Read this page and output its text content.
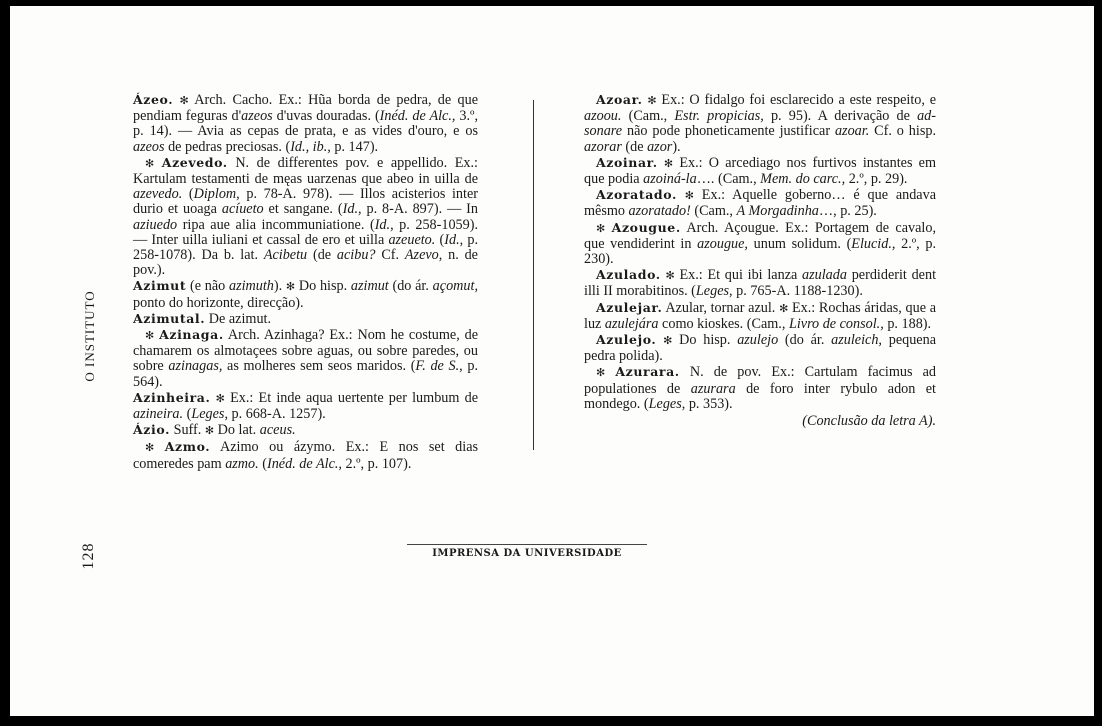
O INSTITUTO
128

Ázeo. ✻ Arch. Cacho. Ex.: Hũa borda de pedra, de que pendiam feguras d'azeos d'uvas douradas. (Inéd. de Alc., 3.º, p. 14). — Avia as cepas de prata, e as vides d'ouro, e os azeos de pedras preciosas. (Id., ib., p. 147).

✻ Azevedo. N. de differentes pov. e appellido. Ex.: Kartulam testamenti de męas uarzenas que abeo in uilla de azevedo. (Diplom, p. 78-A. 978). — Illos acisterios inter durio et uoaga acíueto et sangane. (Id., p. 8-A. 897). — In aziuedo ripa aue alia incommuniatione. (Id., p. 258-1059). — Inter uilla iuliani et cassal de ero et uilla azeueto. (Id., p. 258-1078). Da b. lat. Acibetu (de acibu? Cf. Azevo, n. de pov.).

Azimut (e não azimuth). ✻ Do hisp. azimut (do ár. açomut, ponto do horizonte, direcção).

Azimutal. De azimut.

✻ Azinaga. Arch. Azinhaga? Ex.: Nom he costume, de chamarem os almotaçees sobre aguas, ou sobre paredes, ou sobre azinagas, as molheres sem seos maridos. (F. de S., p. 564).

Azinheira. ✻ Ex.: Et inde aqua uertente per lumbum de azineira. (Leges, p. 668-A. 1257).

Ázio. Suff. ✻ Do lat. aceus.

✻ Azmo. Azimo ou ázymo. Ex.: E nos set dias comeredes pam azmo. (Inéd. de Alc., 2.º, p. 107).

Azoar. ✻ Ex.: O fidalgo foi esclarecido a este respeito, e azoou. (Cam., Estr. propicias, p. 95). A derivação de ad-sonare não pode phoneticamente justificar azoar. Cf. o hisp. azorar (de azor).

Azoinar. ✻ Ex.: O arcediago nos furtivos instantes em que podia azoiná-la…. (Cam., Mem. do carc., 2.º, p. 29).

Azoratado. ✻ Ex.: Aquelle goberno… é que andava mêsmo azoratado! (Cam., A Morgadinha…, p. 25).

✻ Azougue. Arch. Açougue. Ex.: Portagem de cavalo, que vendiderint in azougue, unum solidum. (Elucid., 2.º, p. 230).

Azulado. ✻ Ex.: Et qui ibi lanza azulada perdiderit dent illi II morabitinos. (Leges, p. 765-A. 1188-1230).

Azulejar. Azular, tornar azul. ✻ Ex.: Rochas áridas, que a luz azulejára como kioskes. (Cam., Livro de consol., p. 188).

Azulejo. ✻ Do hisp. azulejo (do ár. azuleich, pequena pedra polida).

✻ Azurara. N. de pov. Ex.: Cartulam facimus ad populationes de azurara de foro inter rybulo adon et mondego. (Leges, p. 353).

(Conclusão da letra A).

IMPRENSA DA UNIVERSIDADE
